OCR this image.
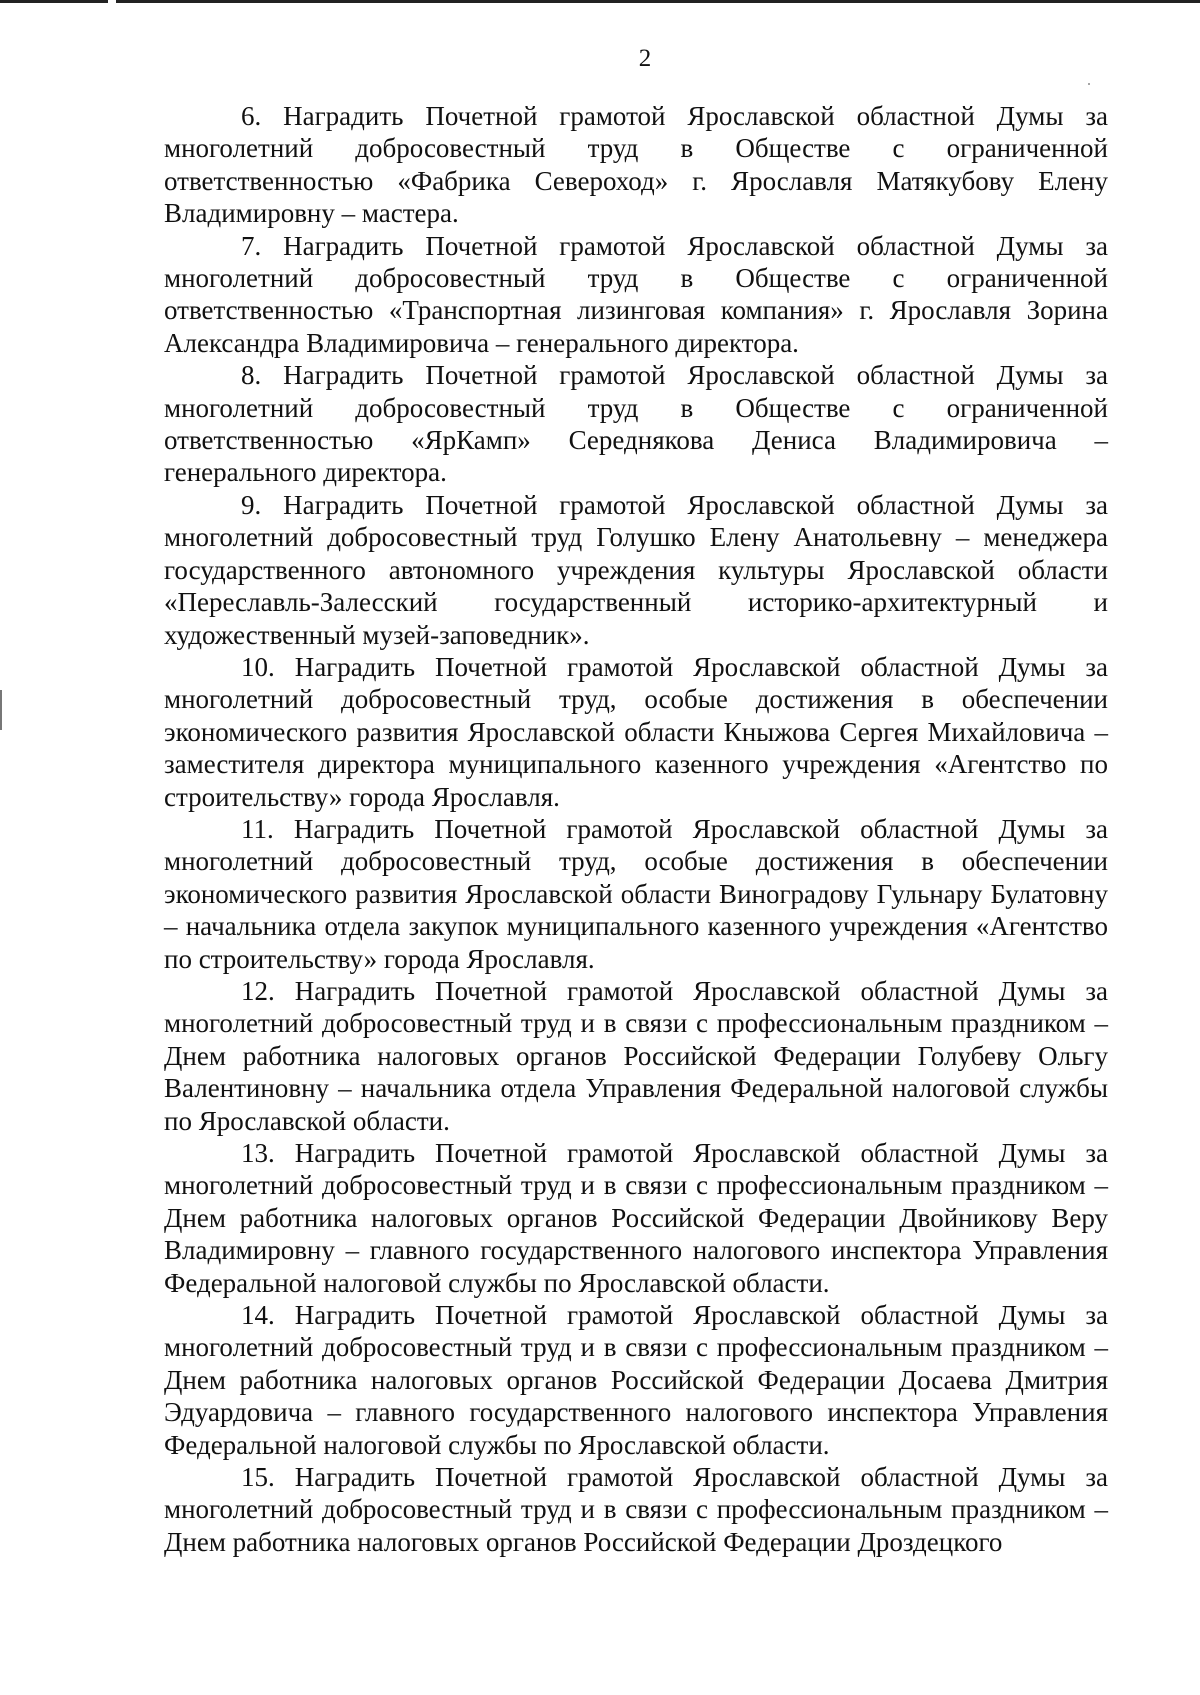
2

6. Наградить Почетной грамотой Ярославской областной Думы за многолетний добросовестный труд в Обществе с ограниченной ответственностью «Фабрика Североход» г. Ярославля Матякубову Елену Владимировну – мастера.

7. Наградить Почетной грамотой Ярославской областной Думы за многолетний добросовестный труд в Обществе с ограниченной ответственностью «Транспортная лизинговая компания» г. Ярославля Зорина Александра Владимировича – генерального директора.

8. Наградить Почетной грамотой Ярославской областной Думы за многолетний добросовестный труд в Обществе с ограниченной ответственностью «ЯрКамп» Середнякова Дениса Владимировича – генерального директора.

9. Наградить Почетной грамотой Ярославской областной Думы за многолетний добросовестный труд Голушко Елену Анатольевну – менеджера государственного автономного учреждения культуры Ярославской области «Переславль-Залесский государственный историко-архитектурный и художественный музей-заповедник».

10. Наградить Почетной грамотой Ярославской областной Думы за многолетний добросовестный труд, особые достижения в обеспечении экономического развития Ярославской области Кныжова Сергея Михайловича – заместителя директора муниципального казенного учреждения «Агентство по строительству» города Ярославля.

11. Наградить Почетной грамотой Ярославской областной Думы за многолетний добросовестный труд, особые достижения в обеспечении экономического развития Ярославской области Виноградову Гульнару Булатовну – начальника отдела закупок муниципального казенного учреждения «Агентство по строительству» города Ярославля.

12. Наградить Почетной грамотой Ярославской областной Думы за многолетний добросовестный труд и в связи с профессиональным праздником – Днем работника налоговых органов Российской Федерации Голубеву Ольгу Валентиновну – начальника отдела Управления Федеральной налоговой службы по Ярославской области.

13. Наградить Почетной грамотой Ярославской областной Думы за многолетний добросовестный труд и в связи с профессиональным праздником – Днем работника налоговых органов Российской Федерации Двойникову Веру Владимировну – главного государственного налогового инспектора Управления Федеральной налоговой службы по Ярославской области.

14. Наградить Почетной грамотой Ярославской областной Думы за многолетний добросовестный труд и в связи с профессиональным праздником – Днем работника налоговых органов Российской Федерации Досаева Дмитрия Эдуардовича – главного государственного налогового инспектора Управления Федеральной налоговой службы по Ярославской области.

15. Наградить Почетной грамотой Ярославской областной Думы за многолетний добросовестный труд и в связи с профессиональным праздником – Днем работника налоговых органов Российской Федерации Дроздецкого
